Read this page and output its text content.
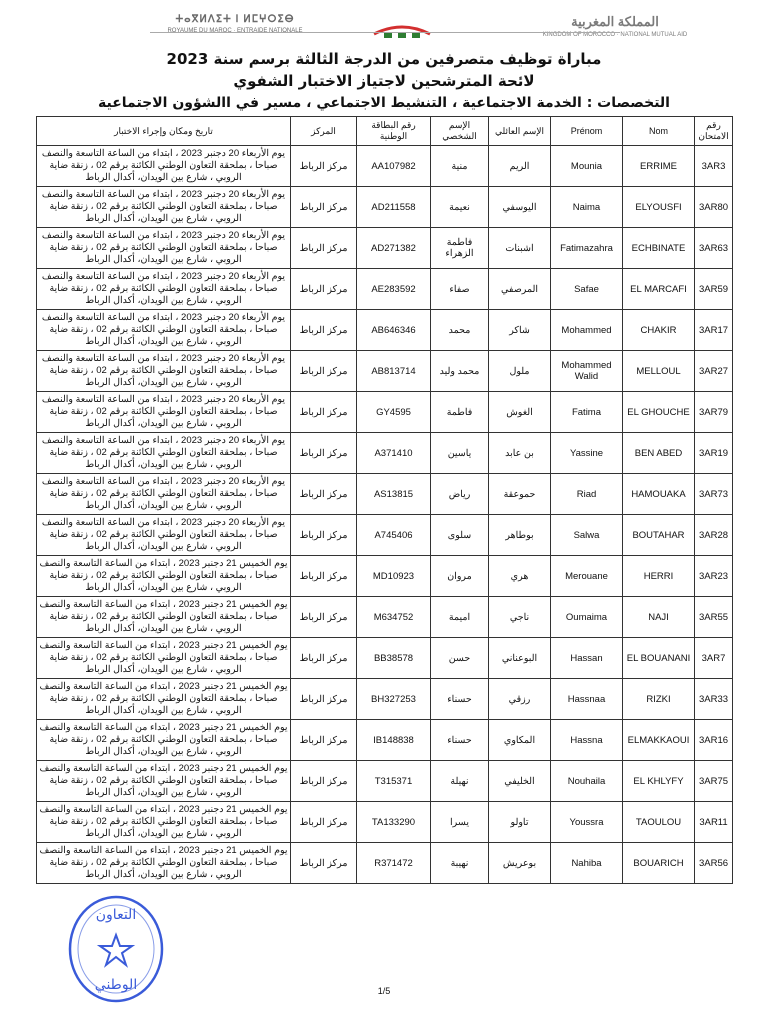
ⵜⴰⴳⵍⴷⵉⵜ ⵏ ⵍⵎⵖⵔⵉⴱ
ROYAUME DU MAROC · ENTRAIDE NATIONALE
المملكة المغربية
KINGDOM OF MOROCCO · NATIONAL MUTUAL AID
مباراة توظيف متصرفين من الدرجة الثالثة برسم سنة 2023
لائحة المترشحين لاجتياز الاختبار الشفوي
التخصصات : الخدمة الاجتماعية ، التنشيط الاجتماعي ، مسير في االشؤون الاجتماعية
تاريخ ومكان وإجراء الاختبار	المركز	رقم البطاقة الوطنية	الإسم الشخصي	الإسم العائلي	Prénom	Nom	رقم الامتحان
يوم الأربعاء 20 دجنبر 2023 ، ابتداء من الساعة التاسعة والنصف صباحا ، بملحقة التعاون الوطني الكائنة برقم 02 ، زنقة ضاية الروبي ، شارع بين الويدان، أكدال الرباط	مركز الرباط	AA107982	منية	الريم	Mounia	ERRIME	3AR3
يوم الأربعاء 20 دجنبر 2023 ، ابتداء من الساعة التاسعة والنصف صباحا ، بملحقة التعاون الوطني الكائنة برقم 02 ، زنقة ضاية الروبي ، شارع بين الويدان، أكدال الرباط	مركز الرباط	AD211558	نعيمة	اليوسفي	Naima	ELYOUSFI	3AR80
يوم الأربعاء 20 دجنبر 2023 ، ابتداء من الساعة التاسعة والنصف صباحا ، بملحقة التعاون الوطني الكائنة برقم 02 ، زنقة ضاية الروبي ، شارع بين الويدان، أكدال الرباط	مركز الرباط	AD271382	فاطمة الزهراء	اشبنات	Fatimazahra	ECHBINATE	3AR63
يوم الأربعاء 20 دجنبر 2023 ، ابتداء من الساعة التاسعة والنصف صباحا ، بملحقة التعاون الوطني الكائنة برقم 02 ، زنقة ضاية الروبي ، شارع بين الويدان، أكدال الرباط	مركز الرباط	AE283592	صفاء	المرصفي	Safae	EL MARCAFI	3AR59
يوم الأربعاء 20 دجنبر 2023 ، ابتداء من الساعة التاسعة والنصف صباحا ، بملحقة التعاون الوطني الكائنة برقم 02 ، زنقة ضاية الروبي ، شارع بين الويدان، أكدال الرباط	مركز الرباط	AB646346	محمد	شاكر	Mohammed	CHAKIR	3AR17
يوم الأربعاء 20 دجنبر 2023 ، ابتداء من الساعة التاسعة والنصف صباحا ، بملحقة التعاون الوطني الكائنة برقم 02 ، زنقة ضاية الروبي ، شارع بين الويدان، أكدال الرباط	مركز الرباط	AB813714	محمد وليد	ملول	Mohammed Walid	MELLOUL	3AR27
يوم الأربعاء 20 دجنبر 2023 ، ابتداء من الساعة التاسعة والنصف صباحا ، بملحقة التعاون الوطني الكائنة برقم 02 ، زنقة ضاية الروبي ، شارع بين الويدان، أكدال الرباط	مركز الرباط	GY4595	فاطمة	الغوش	Fatima	EL GHOUCHE	3AR79
يوم الأربعاء 20 دجنبر 2023 ، ابتداء من الساعة التاسعة والنصف صباحا ، بملحقة التعاون الوطني الكائنة برقم 02 ، زنقة ضاية الروبي ، شارع بين الويدان، أكدال الرباط	مركز الرباط	A371410	ياسين	بن عابد	Yassine	BEN ABED	3AR19
يوم الأربعاء 20 دجنبر 2023 ، ابتداء من الساعة التاسعة والنصف صباحا ، بملحقة التعاون الوطني الكائنة برقم 02 ، زنقة ضاية الروبي ، شارع بين الويدان، أكدال الرباط	مركز الرباط	AS13815	رياض	حموعقة	Riad	HAMOUAKA	3AR73
يوم الأربعاء 20 دجنبر 2023 ، ابتداء من الساعة التاسعة والنصف صباحا ، بملحقة التعاون الوطني الكائنة برقم 02 ، زنقة ضاية الروبي ، شارع بين الويدان، أكدال الرباط	مركز الرباط	A745406	سلوى	بوطاهر	Salwa	BOUTAHAR	3AR28
يوم الخميس 21 دجنبر 2023 ، ابتداء من الساعة التاسعة والنصف صباحا ، بملحقة التعاون الوطني الكائنة برقم 02 ، زنقة ضاية الروبي ، شارع بين الويدان، أكدال الرباط	مركز الرباط	MD10923	مروان	هري	Merouane	HERRI	3AR23
يوم الخميس 21 دجنبر 2023 ، ابتداء من الساعة التاسعة والنصف صباحا ، بملحقة التعاون الوطني الكائنة برقم 02 ، زنقة ضاية الروبي ، شارع بين الويدان، أكدال الرباط	مركز الرباط	M634752	اميمة	ناجي	Oumaima	NAJI	3AR55
يوم الخميس 21 دجنبر 2023 ، ابتداء من الساعة التاسعة والنصف صباحا ، بملحقة التعاون الوطني الكائنة برقم 02 ، زنقة ضاية الروبي ، شارع بين الويدان، أكدال الرباط	مركز الرباط	BB38578	حسن	البوعناني	Hassan	EL BOUANANI	3AR7
يوم الخميس 21 دجنبر 2023 ، ابتداء من الساعة التاسعة والنصف صباحا ، بملحقة التعاون الوطني الكائنة برقم 02 ، زنقة ضاية الروبي ، شارع بين الويدان، أكدال الرباط	مركز الرباط	BH327253	حسناء	رزقي	Hassnaa	RIZKI	3AR33
يوم الخميس 21 دجنبر 2023 ، ابتداء من الساعة التاسعة والنصف صباحا ، بملحقة التعاون الوطني الكائنة برقم 02 ، زنقة ضاية الروبي ، شارع بين الويدان، أكدال الرباط	مركز الرباط	IB148838	حسناء	المكاوي	Hassna	ELMAKKAOUI	3AR16
يوم الخميس 21 دجنبر 2023 ، ابتداء من الساعة التاسعة والنصف صباحا ، بملحقة التعاون الوطني الكائنة برقم 02 ، زنقة ضاية الروبي ، شارع بين الويدان، أكدال الرباط	مركز الرباط	T315371	نهيلة	الخليفي	Nouhaila	EL KHLYFY	3AR75
يوم الخميس 21 دجنبر 2023 ، ابتداء من الساعة التاسعة والنصف صباحا ، بملحقة التعاون الوطني الكائنة برقم 02 ، زنقة ضاية الروبي ، شارع بين الويدان، أكدال الرباط	مركز الرباط	TA133290	يسرا	تاولو	Youssra	TAOULOU	3AR11
يوم الخميس 21 دجنبر 2023 ، ابتداء من الساعة التاسعة والنصف صباحا ، بملحقة التعاون الوطني الكائنة برقم 02 ، زنقة ضاية الروبي ، شارع بين الويدان، أكدال الرباط	مركز الرباط	R371472	نهيبة	بوعريش	Nahiba	BOUARICH	3AR56
التعاون
الوطني	1/5
